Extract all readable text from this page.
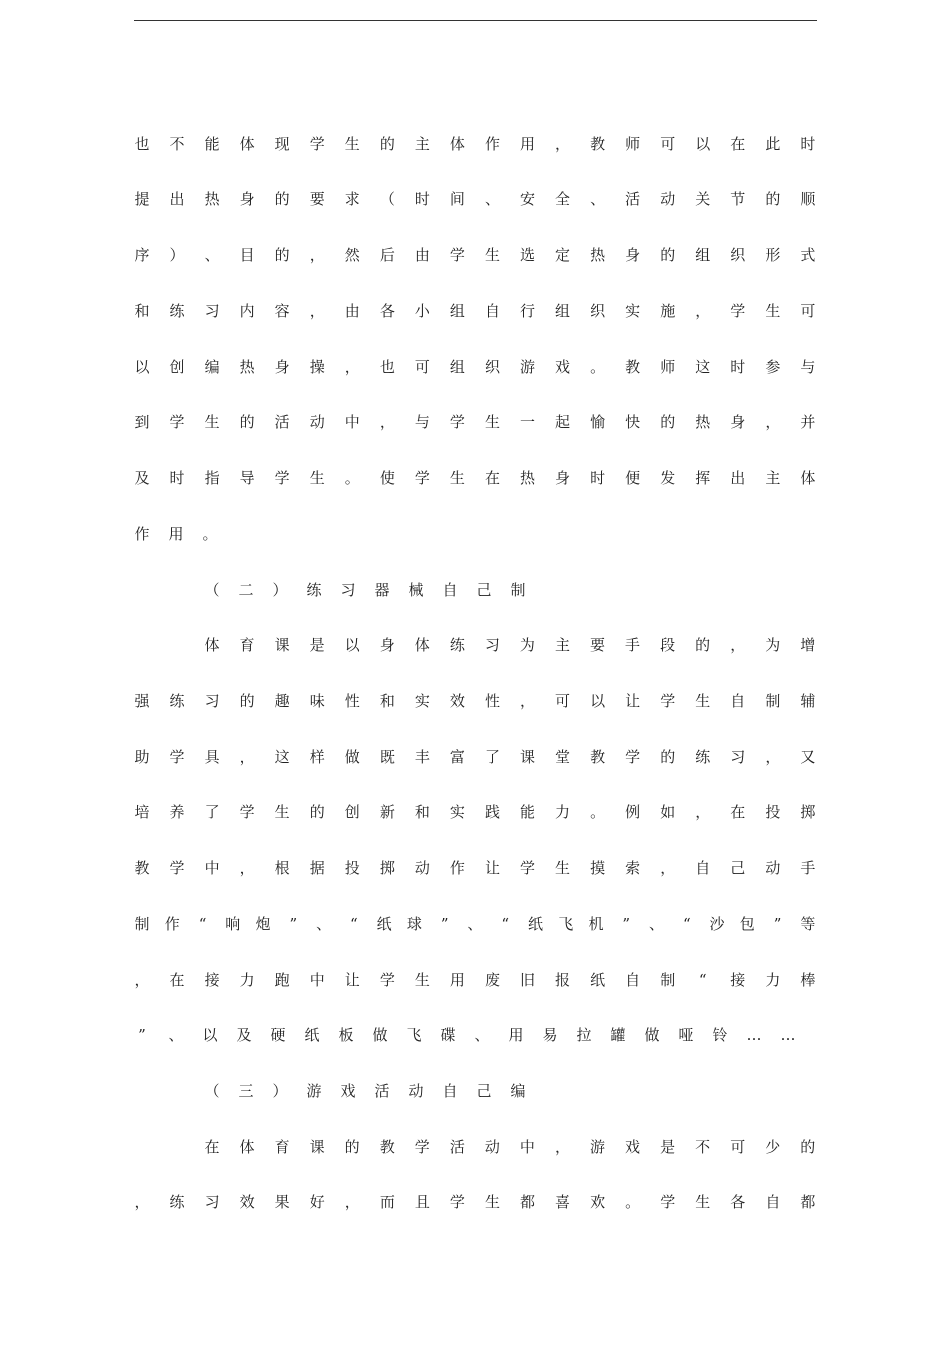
也 不 能 体 现 学 生 的 主 体 作 用 ， 教 师 可 以 在 此 时
提 出 热 身 的 要 求 （ 时 间 、 安 全 、 活 动 关 节 的 顺
序 ） 、 目 的 ， 然 后 由 学 生 选 定 热 身 的 组 织 形 式
和 练 习 内 容 ， 由 各 小 组 自 行 组 织 实 施 ， 学 生 可
以 创 编 热 身 操 ， 也 可 组 织 游 戏 。 教 师 这 时 参 与
到 学 生 的 活 动 中 ， 与 学 生 一 起 愉 快 的 热 身 ， 并
及 时 指 导 学 生 。 使 学 生 在 热 身 时 便 发 挥 出 主 体
作 用 。
（ 二 ） 练 习 器 械 自 己 制
体 育 课 是 以 身 体 练 习 为 主 要 手 段 的 ， 为 增
强 练 习 的 趣 味 性 和 实 效 性 ， 可 以 让 学 生 自 制 辅
助 学 具 ， 这 样 做 既 丰 富 了 课 堂 教 学 的 练 习 ， 又
培 养 了 学 生 的 创 新 和 实 践 能 力 。 例 如 ， 在 投 掷
教 学 中 ， 根 据 投 掷 动 作 让 学 生 摸 索 ， 自 己 动 手
制 作	“	响 炮	”	、	“	纸 球	”	、	“	纸 飞 机	”	、	“	沙 包	”	等
， 在 接 力 跑 中 让 学 生 用 废 旧 报 纸 自 制	“	接 力 棒
”	、 以 及 硬 纸 板 做 飞 碟 、 用 易 拉 罐 做 哑 铃 … …
（ 三 ） 游 戏 活 动 自 己 编
在 体 育 课 的 教 学 活 动 中 ， 游 戏 是 不 可 少 的
， 练 习 效 果 好 ， 而 且 学 生 都 喜 欢 。 学 生 各 自 都
